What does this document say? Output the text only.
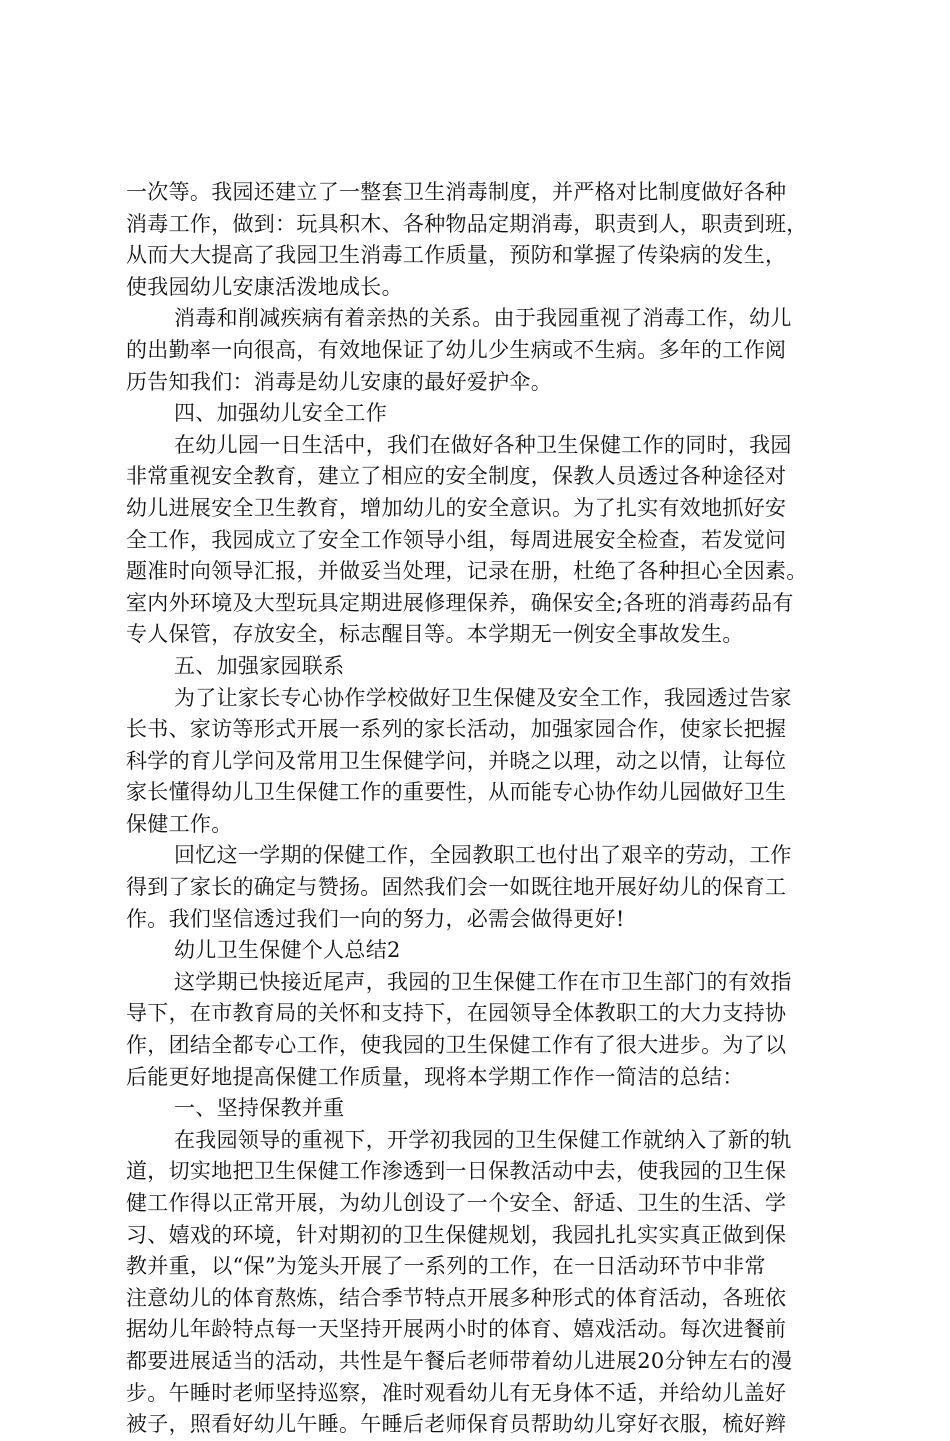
一次等。我园还建立了一整套卫生消毒制度，并严格对比制度做好各种
消毒工作，做到：玩具积木、各种物品定期消毒，职责到人，职责到班，
从而大大提高了我园卫生消毒工作质量，预防和掌握了传染病的发生，
使我园幼儿安康活泼地成长。
消毒和削减疾病有着亲热的关系。由于我园重视了消毒工作，幼儿
的出勤率一向很高，有效地保证了幼儿少生病或不生病。多年的工作阅
历告知我们：消毒是幼儿安康的最好爱护伞。
四、加强幼儿安全工作
在幼儿园一日生活中，我们在做好各种卫生保健工作的同时，我园
非常重视安全教育，建立了相应的安全制度，保教人员透过各种途径对
幼儿进展安全卫生教育，增加幼儿的安全意识。为了扎实有效地抓好安
全工作，我园成立了安全工作领导小组，每周进展安全检查，若发觉问
题准时向领导汇报，并做妥当处理，记录在册，杜绝了各种担心全因素。
室内外环境及大型玩具定期进展修理保养，确保安全;各班的消毒药品有
专人保管，存放安全，标志醒目等。本学期无一例安全事故发生。
五、加强家园联系
为了让家长专心协作学校做好卫生保健及安全工作，我园透过告家
长书、家访等形式开展一系列的家长活动，加强家园合作，使家长把握
科学的育儿学问及常用卫生保健学问，并晓之以理，动之以情，让每位
家长懂得幼儿卫生保健工作的重要性，从而能专心协作幼儿园做好卫生
保健工作。
回忆这一学期的保健工作，全园教职工也付出了艰辛的劳动，工作
得到了家长的确定与赞扬。固然我们会一如既往地开展好幼儿的保育工
作。我们坚信透过我们一向的努力，必需会做得更好!
幼儿卫生保健个人总结2
这学期已快接近尾声，我园的卫生保健工作在市卫生部门的有效指
导下，在市教育局的关怀和支持下，在园领导全体教职工的大力支持协
作，团结全都专心工作，使我园的卫生保健工作有了很大进步。为了以
后能更好地提高保健工作质量，现将本学期工作作一简洁的总结：
一、坚持保教并重
在我园领导的重视下，开学初我园的卫生保健工作就纳入了新的轨
道，切实地把卫生保健工作渗透到一日保教活动中去，使我园的卫生保
健工作得以正常开展，为幼儿创设了一个安全、舒适、卫生的生活、学
习、嬉戏的环境，针对期初的卫生保健规划，我园扎扎实实真正做到保
教并重，以“保”为笼头开展了一系列的工作，在一日活动环节中非常
注意幼儿的体育熬炼，结合季节特点开展多种形式的体育活动，各班依
据幼儿年龄特点每一天坚持开展两小时的体育、嬉戏活动。每次进餐前
都要进展适当的活动，共性是午餐后老师带着幼儿进展20分钟左右的漫
步。午睡时老师坚持巡察，准时观看幼儿有无身体不适，并给幼儿盖好
被子，照看好幼儿午睡。午睡后老师保育员帮助幼儿穿好衣服，梳好辫
